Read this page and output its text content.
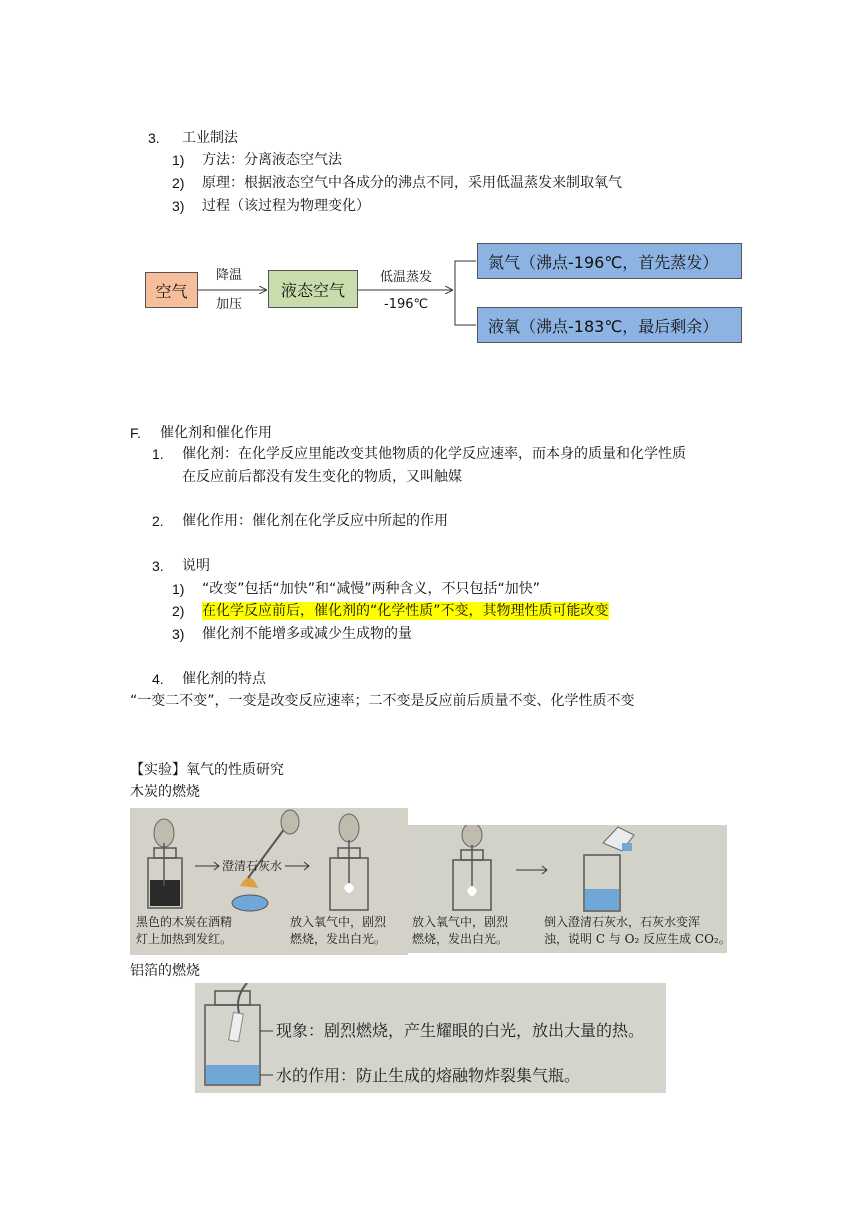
3. 工业制法
1) 方法：分离液态空气法
2) 原理：根据液态空气中各成分的沸点不同，采用低温蒸发来制取氧气
3) 过程（该过程为物理变化）
空气	液态空气
氮气（沸点-196℃，首先蒸发）
液氧（沸点-183℃，最后剩余）
降温
加压
低温蒸发
-196℃
F. 催化剂和催化作用
1. 催化剂：在化学反应里能改变其他物质的化学反应速率，而本身的质量和化学性质
在反应前后都没有发生变化的物质，又叫触媒
2. 催化作用：催化剂在化学反应中所起的作用
3. 说明
1) “改变”包括“加快”和“减慢”两种含义，不只包括“加快”
2) 在化学反应前后，催化剂的“化学性质”不变，其物理性质可能改变
3) 催化剂不能增多或减少生成物的量
4. 催化剂的特点
“一变二不变”，一变是改变反应速率；二不变是反应前后质量不变、化学性质不变
【实验】氧气的性质研究
木炭的燃烧
澄清石灰水
黑色的木炭在酒精
灯上加热到发红。
放入氧气中，剧烈
燃烧，发出白光。
放入氧气中，剧烈
燃烧，发出白光。
倒入澄清石灰水，石灰水变浑
浊，说明 C 与 O₂ 反应生成 CO₂。
铝箔的燃烧
现象：剧烈燃烧，产生耀眼的白光，放出大量的热。
水的作用：防止生成的熔融物炸裂集气瓶。
